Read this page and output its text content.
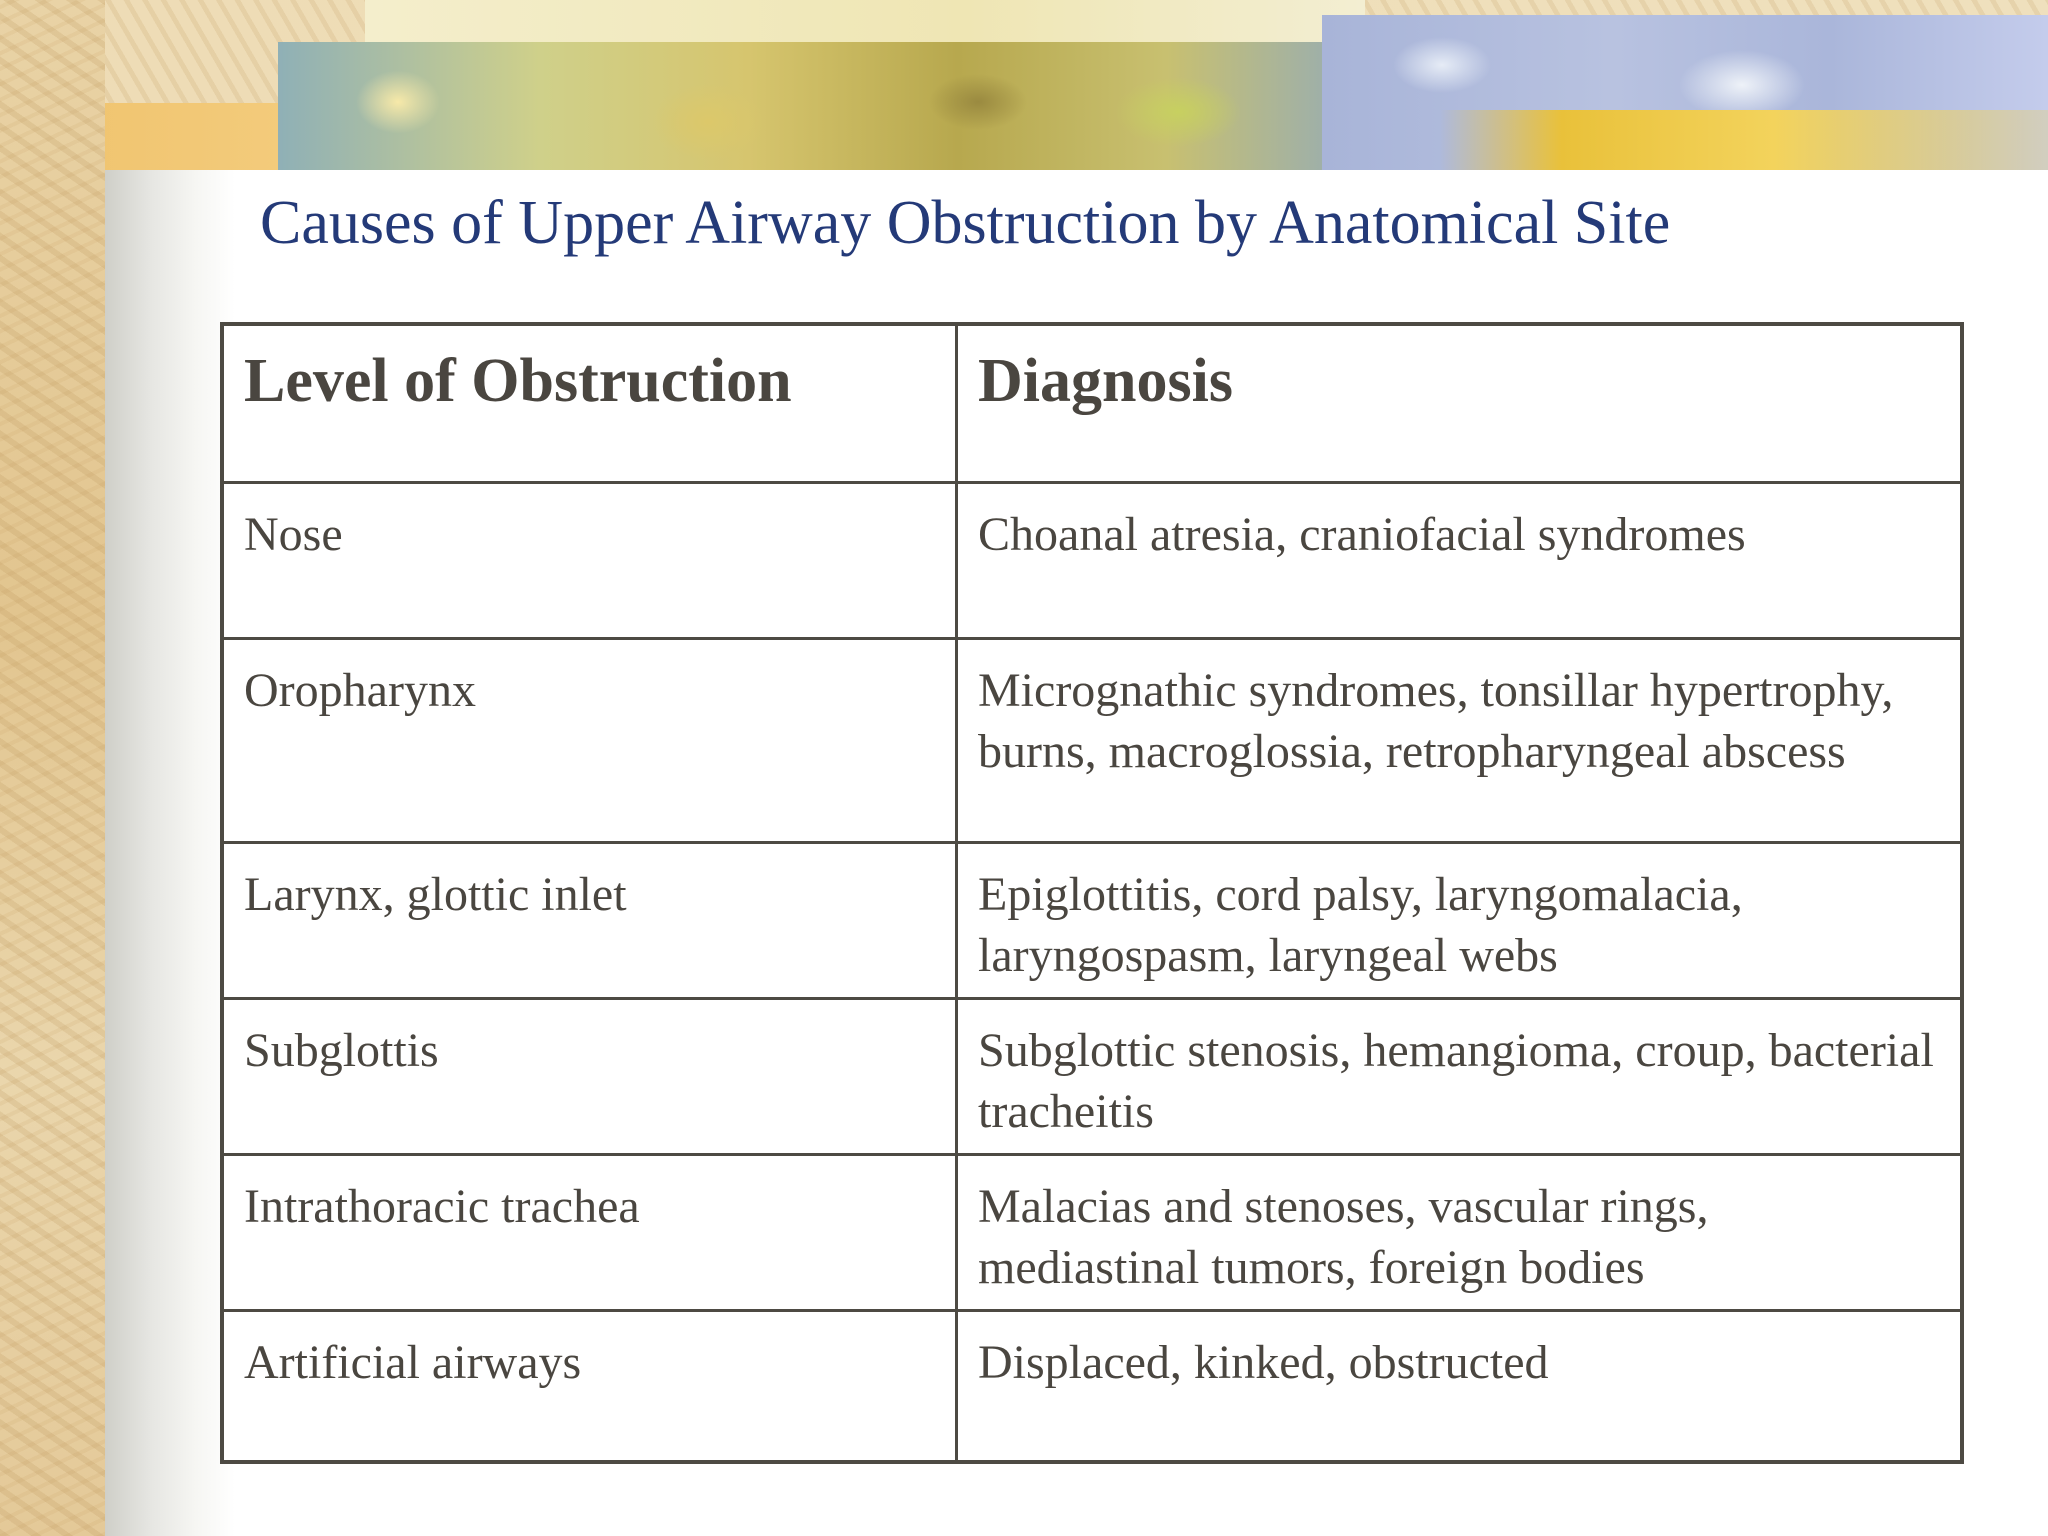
Causes of Upper Airway Obstruction by Anatomical Site
Level of Obstruction	Diagnosis
Nose	Choanal atresia, craniofacial syndromes
Oropharynx	Micrognathic syndromes, tonsillar hypertrophy, burns, macroglossia, retropharyngeal abscess
Larynx, glottic inlet	Epiglottitis, cord palsy, laryngomalacia, laryngospasm, laryngeal webs
Subglottis	Subglottic stenosis, hemangioma, croup, bacterial tracheitis
Intrathoracic trachea	Malacias and stenoses, vascular rings, mediastinal tumors, foreign bodies
Artificial airways	Displaced, kinked, obstructed
